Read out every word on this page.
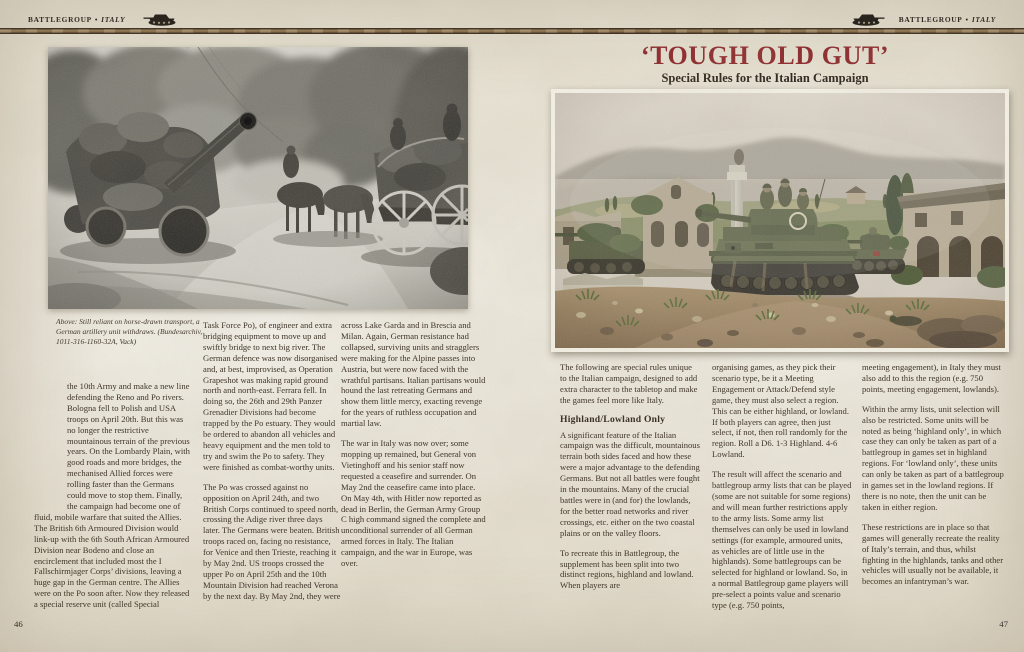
BATTLEGROUP • ITALY	BATTLEGROUP • ITALY
Above: Still reliant on horse-drawn transport, a German artillery unit withdraws. (Bundesarchiv, 1011-316-1160-32A, Vack)

the 10th Army and make a new line defending the Reno and Po rivers. Bologna fell to Polish and USA troops on April 20th. But this was no longer the restrictive mountainous terrain of the previous years. On the Lombardy Plain, with good roads and more bridges, the mechanised Allied forces were rolling faster than the Germans could move to stop them. Finally, the campaign had become one of fluid, mobile warfare that suited the Allies. The British 6th Armoured Division would link-up with the 6th South African Armoured Division near Bodeno and close an encirclement that included most the I Fallschirmjager Corps’ divisions, leaving a huge gap in the German centre. The Allies were on the Po soon after. Now they released a special reserve unit (called Special

Task Force Po), of engineer and extra bridging equipment to move up and swiftly bridge to next big river. The German defence was now disorganised and, at best, improvised, as Operation Grapeshot was making rapid ground north and north-east. Ferrara fell. In doing so, the 26th and 29th Panzer Grenadier Divisions had become trapped by the Po estuary. They would be ordered to abandon all vehicles and heavy equipment and the men told to try and swim the Po to safety. They were finished as combat-worthy units.

The Po was crossed against no opposition on April 24th, and two British Corps continued to speed north, crossing the Adige river three days later. The Germans were beaten. British troops raced on, facing no resistance, for Venice and then Trieste, reaching it by May 2nd. US troops crossed the upper Po on April 25th and the 10th Mountain Division had reached Verona by the next day. By May 2nd, they were

across Lake Garda and in Brescia and Milan. Again, German resistance had collapsed, surviving units and stragglers were making for the Alpine passes into Austria, but were now faced with the wrathful partisans. Italian partisans would hound the last retreating Germans and show them little mercy, exacting revenge for the years of ruthless occupation and martial law.

The war in Italy was now over; some mopping up remained, but General von Vietinghoff and his senior staff now requested a ceasefire and surrender. On May 2nd the ceasefire came into place. On May 4th, with Hitler now reported as dead in Berlin, the German Army Group C high command signed the complete and unconditional surrender of all German armed forces in Italy. The Italian campaign, and the war in Europe, was over.

46
‘TOUGH OLD GUT’
Special Rules for the Italian Campaign

The following are special rules unique to the Italian campaign, designed to add extra character to the tabletop and make the games feel more like Italy.

Highland/Lowland Only

A significant feature of the Italian campaign was the difficult, mountainous terrain both sides faced and how these were a major advantage to the defending Germans. But not all battles were fought in the mountains. Many of the crucial battles were in (and for) the lowlands, for the better road networks and river crossings, etc. either on the two coastal plains or on the valley floors.

To recreate this in Battlegroup, the supplement has been split into two distinct regions, highland and lowland. When players are

organising games, as they pick their scenario type, be it a Meeting Engagement or Attack/Defend style game, they must also select a region. This can be either highland, or lowland. If both players can agree, then just select, if not, then roll randomly for the region. Roll a D6. 1-3 Highland. 4-6 Lowland.

The result will affect the scenario and battlegroup army lists that can be played (some are not suitable for some regions) and will mean further restrictions apply to the army lists. Some army list themselves can only be used in lowland settings (for example, armoured units, as vehicles are of little use in the highlands). Some battlegroups can be selected for highland or lowland. So, in a normal Battlegroup game players will pre-select a points value and scenario type (e.g. 750 points,

meeting engagement), in Italy they must also add to this the region (e.g. 750 points, meeting engagement, lowlands).

Within the army lists, unit selection will also be restricted. Some units will be noted as being ‘highland only’, in which case they can only be taken as part of a battlegroup in games set in highland regions. For ‘lowland only’, these units can only be taken as part of a battlegroup in games set in the lowland regions. If there is no note, then the unit can be taken in either region.

These restrictions are in place so that games will generally recreate the reality of Italy’s terrain, and thus, whilst fighting in the highlands, tanks and other vehicles will usually not be available, it becomes an infantryman’s war.

47
